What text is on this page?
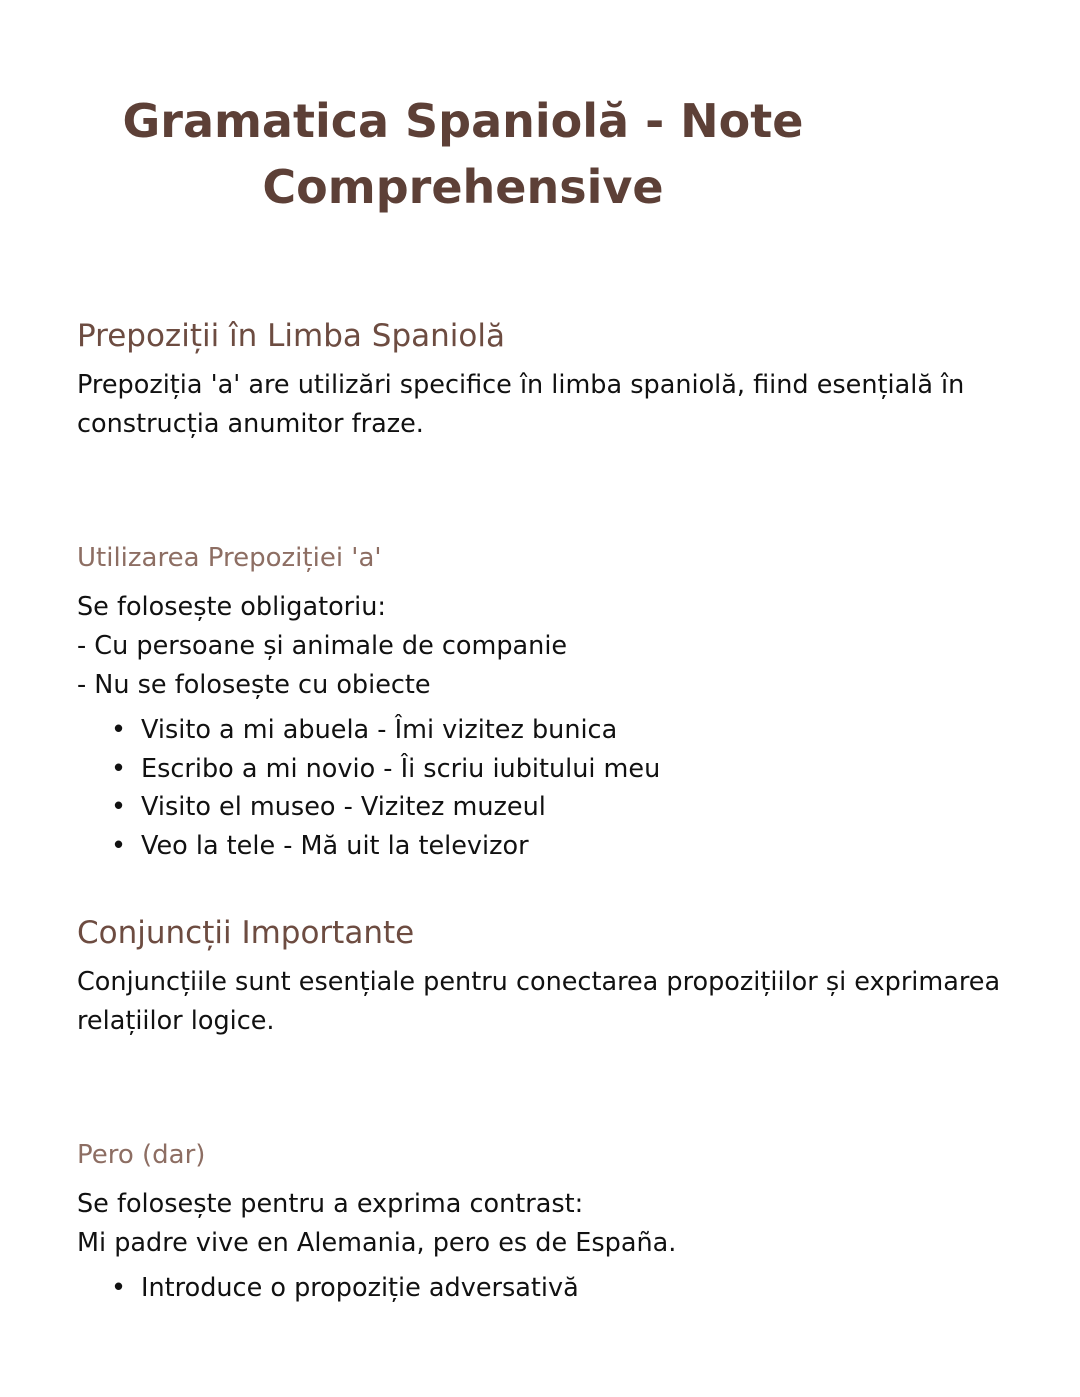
Gramatica Spaniolă - Note Comprehensive
Prepoziții în Limba Spaniolă

Prepoziția 'a' are utilizări specifice în limba spaniolă, fiind esențială în construcția anumitor fraze.

Utilizarea Prepoziției 'a'

Se folosește obligatoriu:

- Cu persoane și animale de companie

- Nu se folosește cu obiecte

• Visito a mi abuela - Îmi vizitez bunica
• Escribo a mi novio - Îi scriu iubitului meu
• Visito el museo - Vizitez muzeul
• Veo la tele - Mă uit la televizor
Conjuncții Importante

Conjuncțiile sunt esențiale pentru conectarea propozițiilor și exprimarea relațiilor logice.

Pero (dar)

Se folosește pentru a exprima contrast:

Mi padre vive en Alemania, pero es de España.

• Introduce o propoziție adversativă
